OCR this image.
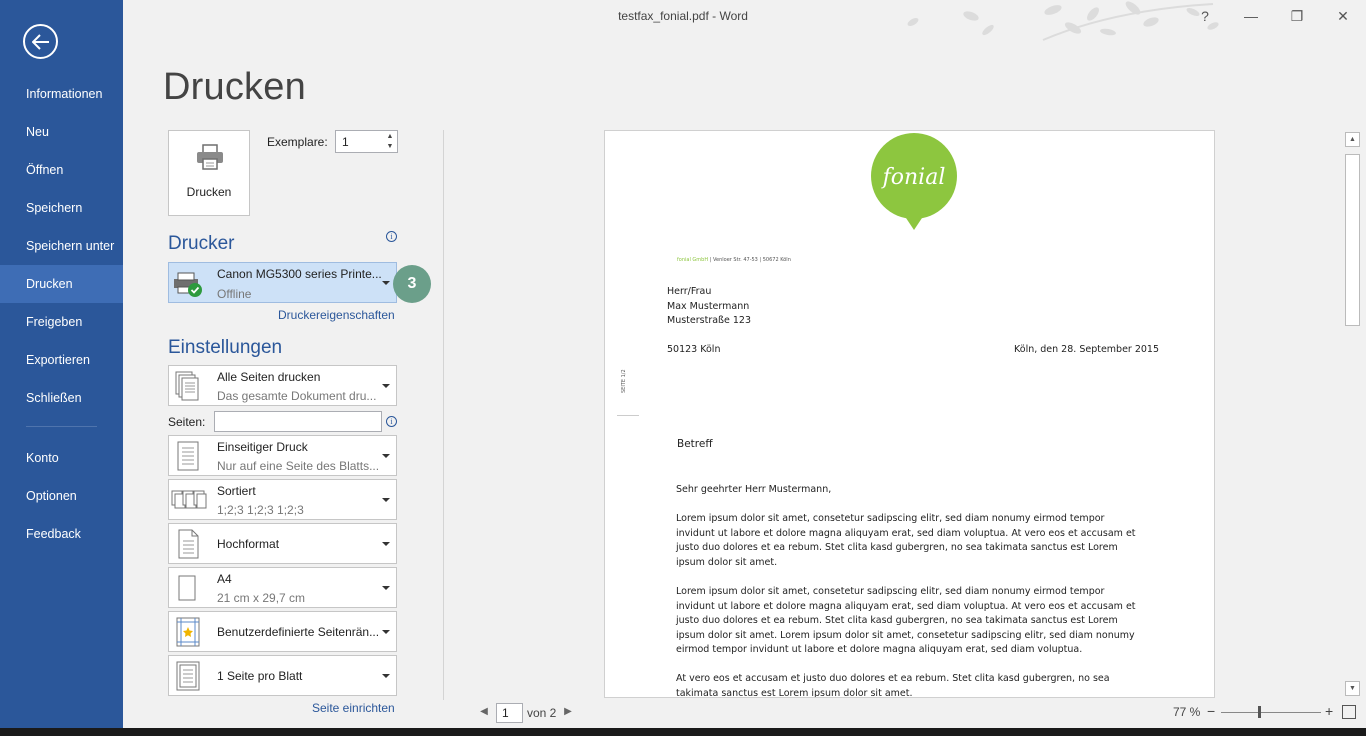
Informationen
Neu
Öffnen
Speichern
Speichern unter
Drucken
Freigeben
Exportieren
Schließen
Konto
Optionen
Feedback
testfax_fonial.pdf - Word	?	—	❐	✕
Drucken
Drucken
Exemplare: 1	▲
▼
Drucker	i
Canon MG5300 series Printe...
Offline
3
Druckereigenschaften
Einstellungen
Alle Seiten drucken
Das gesamte Dokument dru...
Seiten:	i
Einseitiger Druck
Nur auf eine Seite des Blatts...
Sortiert
1;2;3 1;2;3 1;2;3
Hochformat
A4
21 cm x 29,7 cm
Benutzerdefinierte Seitenrän...
1 Seite pro Blatt
Seite einrichten
fonial
fonial GmbH | Venloer Str. 47-53 | 50672 Köln
Herr/Frau
Max Mustermann
Musterstraße 123
50123 Köln	Köln, den 28. September 2015
SEITE 1/2
Betreff
Sehr geehrter Herr Mustermann,
Lorem ipsum dolor sit amet, consetetur sadipscing elitr, sed diam nonumy eirmod tempor invidunt ut labore et dolore magna aliquyam erat, sed diam voluptua. At vero eos et accusam et justo duo dolores et ea rebum. Stet clita kasd gubergren, no sea takimata sanctus est Lorem ipsum dolor sit amet.
Lorem ipsum dolor sit amet, consetetur sadipscing elitr, sed diam nonumy eirmod tempor invidunt ut labore et dolore magna aliquyam erat, sed diam voluptua. At vero eos et accusam et justo duo dolores et ea rebum. Stet clita kasd gubergren, no sea takimata sanctus est Lorem ipsum dolor sit amet. Lorem ipsum dolor sit amet, consetetur sadipscing elitr, sed diam nonumy eirmod tempor invidunt ut labore et dolore magna aliquyam erat, sed diam voluptua.
At vero eos et accusam et justo duo dolores et ea rebum. Stet clita kasd gubergren, no sea takimata sanctus est Lorem ipsum dolor sit amet.
▲
▼
◀	1	von 2 ▶	77 % −	+
